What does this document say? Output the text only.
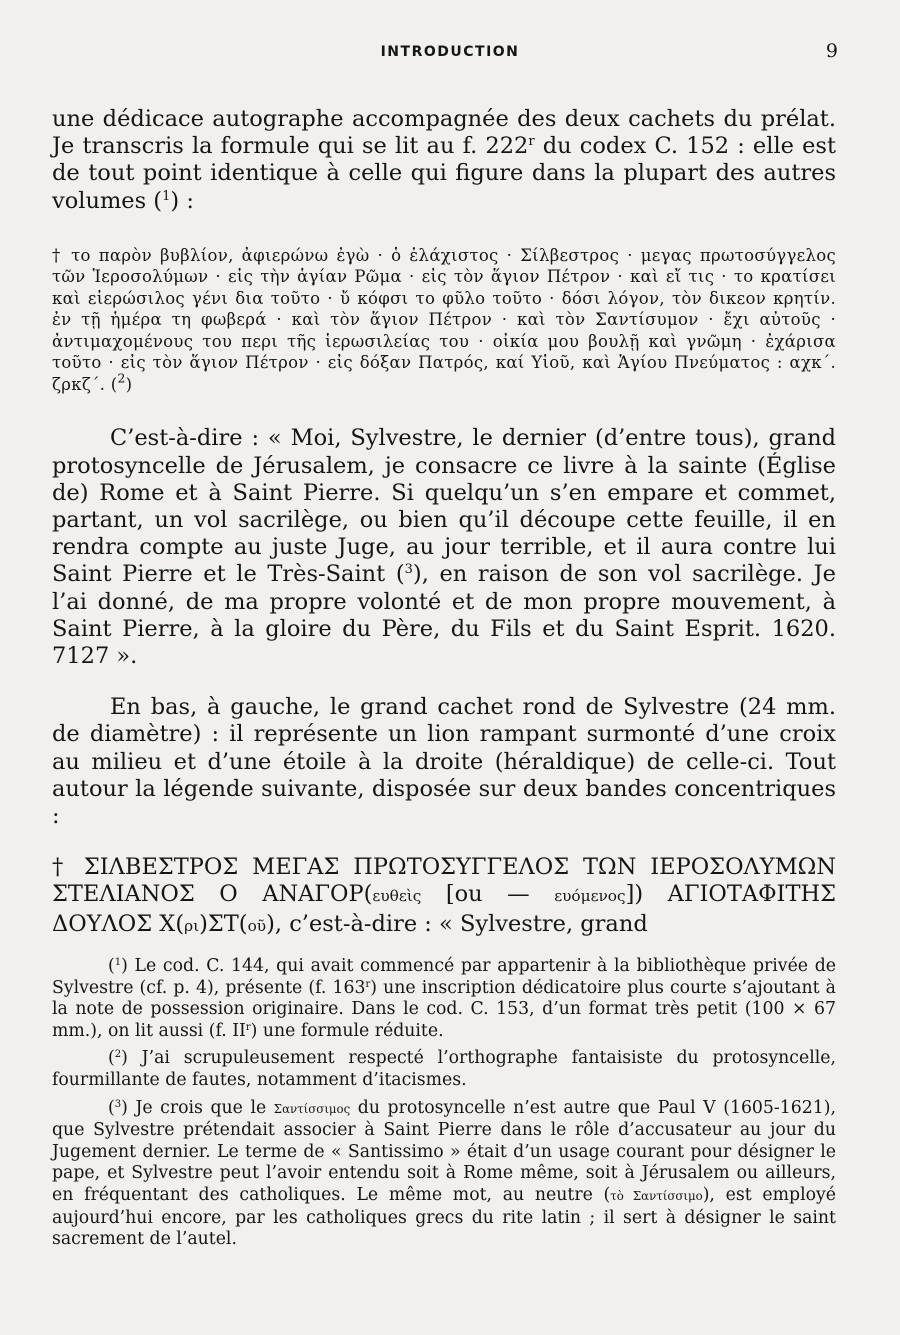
INTRODUCTION	9

une dédicace autographe accompagnée des deux cachets du prélat. Je transcris la formule qui se lit au f. 222$^r$ du codex C. 152 : elle est de tout point identique à celle qui figure dans la plupart des autres volumes ($^1$) :

† το παρὸν βυβλίον, ἀφιερώνω ἐγὼ · ὁ ἐλάχιστος · Σίλβεστρος · μεγας πρωτοσύγγελος τῶν Ἱεροσολύμων · εἰς τὴν ἁγίαν Ρῶμα · εἰς τὸν ἅγιον Πέτρον · καὶ εἴ τις · το κρατίσει καὶ εἱερώσιλος γένι δια τοῦτο · ὔ κόφσι το φῦλο τοῦτο · δόσι λόγον, τὸν δικεον κρητίν. ἐν τῇ ἡμέρα τη φωβερά · καὶ τὸν ἅγιον Πέτρον · καὶ τὸν Σαντίσυμον · ἔχι αὐτοῦς · ἀντιμαχομένους του περι τῆς ἱερωσιλείας του · οἰκία μου βουλῇ καὶ γνῶμη · ἐχάρισα τοῦτο · εἰς τὸν ἅγιον Πέτρον · εἰς δόξαν Πατρός, καί Υἱοῦ, καὶ Ἁγίου Πνεύματος : αχκ΄. ζρκζ΄. ($^2$)

C’est-à-dire : « Moi, Sylvestre, le dernier (d’entre tous), grand protosyncelle de Jérusalem, je consacre ce livre à la sainte (Église de) Rome et à Saint Pierre. Si quelqu’un s’en empare et commet, partant, un vol sacrilège, ou bien qu’il découpe cette feuille, il en rendra compte au juste Juge, au jour terrible, et il aura contre lui Saint Pierre et le Très-Saint ($^3$), en raison de son vol sacrilège. Je l’ai donné, de ma propre volonté et de mon propre mouvement, à Saint Pierre, à la gloire du Père, du Fils et du Saint Esprit. 1620. 7127 ».

En bas, à gauche, le grand cachet rond de Sylvestre (24 mm. de diamètre) : il représente un lion rampant surmonté d’une croix au milieu et d’une étoile à la droite (héraldique) de celle-ci. Tout autour la légende suivante, disposée sur deux bandes concentriques :

† ΣΙΛΒΕΣΤΡΟΣ ΜΕΓΑΣ ΠΡΩΤΟΣΥΓΓΕΛΟΣ ΤΩΝ ΙΕΡΟΣΟΛΥΜΩΝ ΣΤΕΛΙΑΝΟΣ Ο ΑΝΑΓΟΡ(ευθεὶς [ou — ευόμενος]) ΑΓΙΟΤΑΦΙΤΗΣ ΔΟΥΛΟΣ Χ(ρι)ΣΤ(οῦ), c’est-à-dire : « Sylvestre, grand

($^1$) Le cod. C. 144, qui avait commencé par appartenir à la bibliothèque privée de Sylvestre (cf. p. 4), présente (f. 163$^r$) une inscription dédicatoire plus courte s’ajoutant à la note de possession originaire. Dans le cod. C. 153, d’un format très petit (100 × 67 mm.), on lit aussi (f. $II^r$) une formule réduite.

($^2$) J’ai scrupuleusement respecté l’orthographe fantaisiste du protosyncelle, fourmillante de fautes, notamment d’itacismes.

($^3$) Je crois que le Σαντίσσιμος du protosyncelle n’est autre que Paul V (1605-1621), que Sylvestre prétendait associer à Saint Pierre dans le rôle d’accusateur au jour du Jugement dernier. Le terme de « Santissimo » était d’un usage courant pour désigner le pape, et Sylvestre peut l’avoir entendu soit à Rome même, soit à Jérusalem ou ailleurs, en fréquentant des catholiques. Le même mot, au neutre (τὸ Σαντίσσιμο), est employé aujourd’hui encore, par les catholiques grecs du rite latin ; il sert à désigner le saint sacrement de l’autel.
